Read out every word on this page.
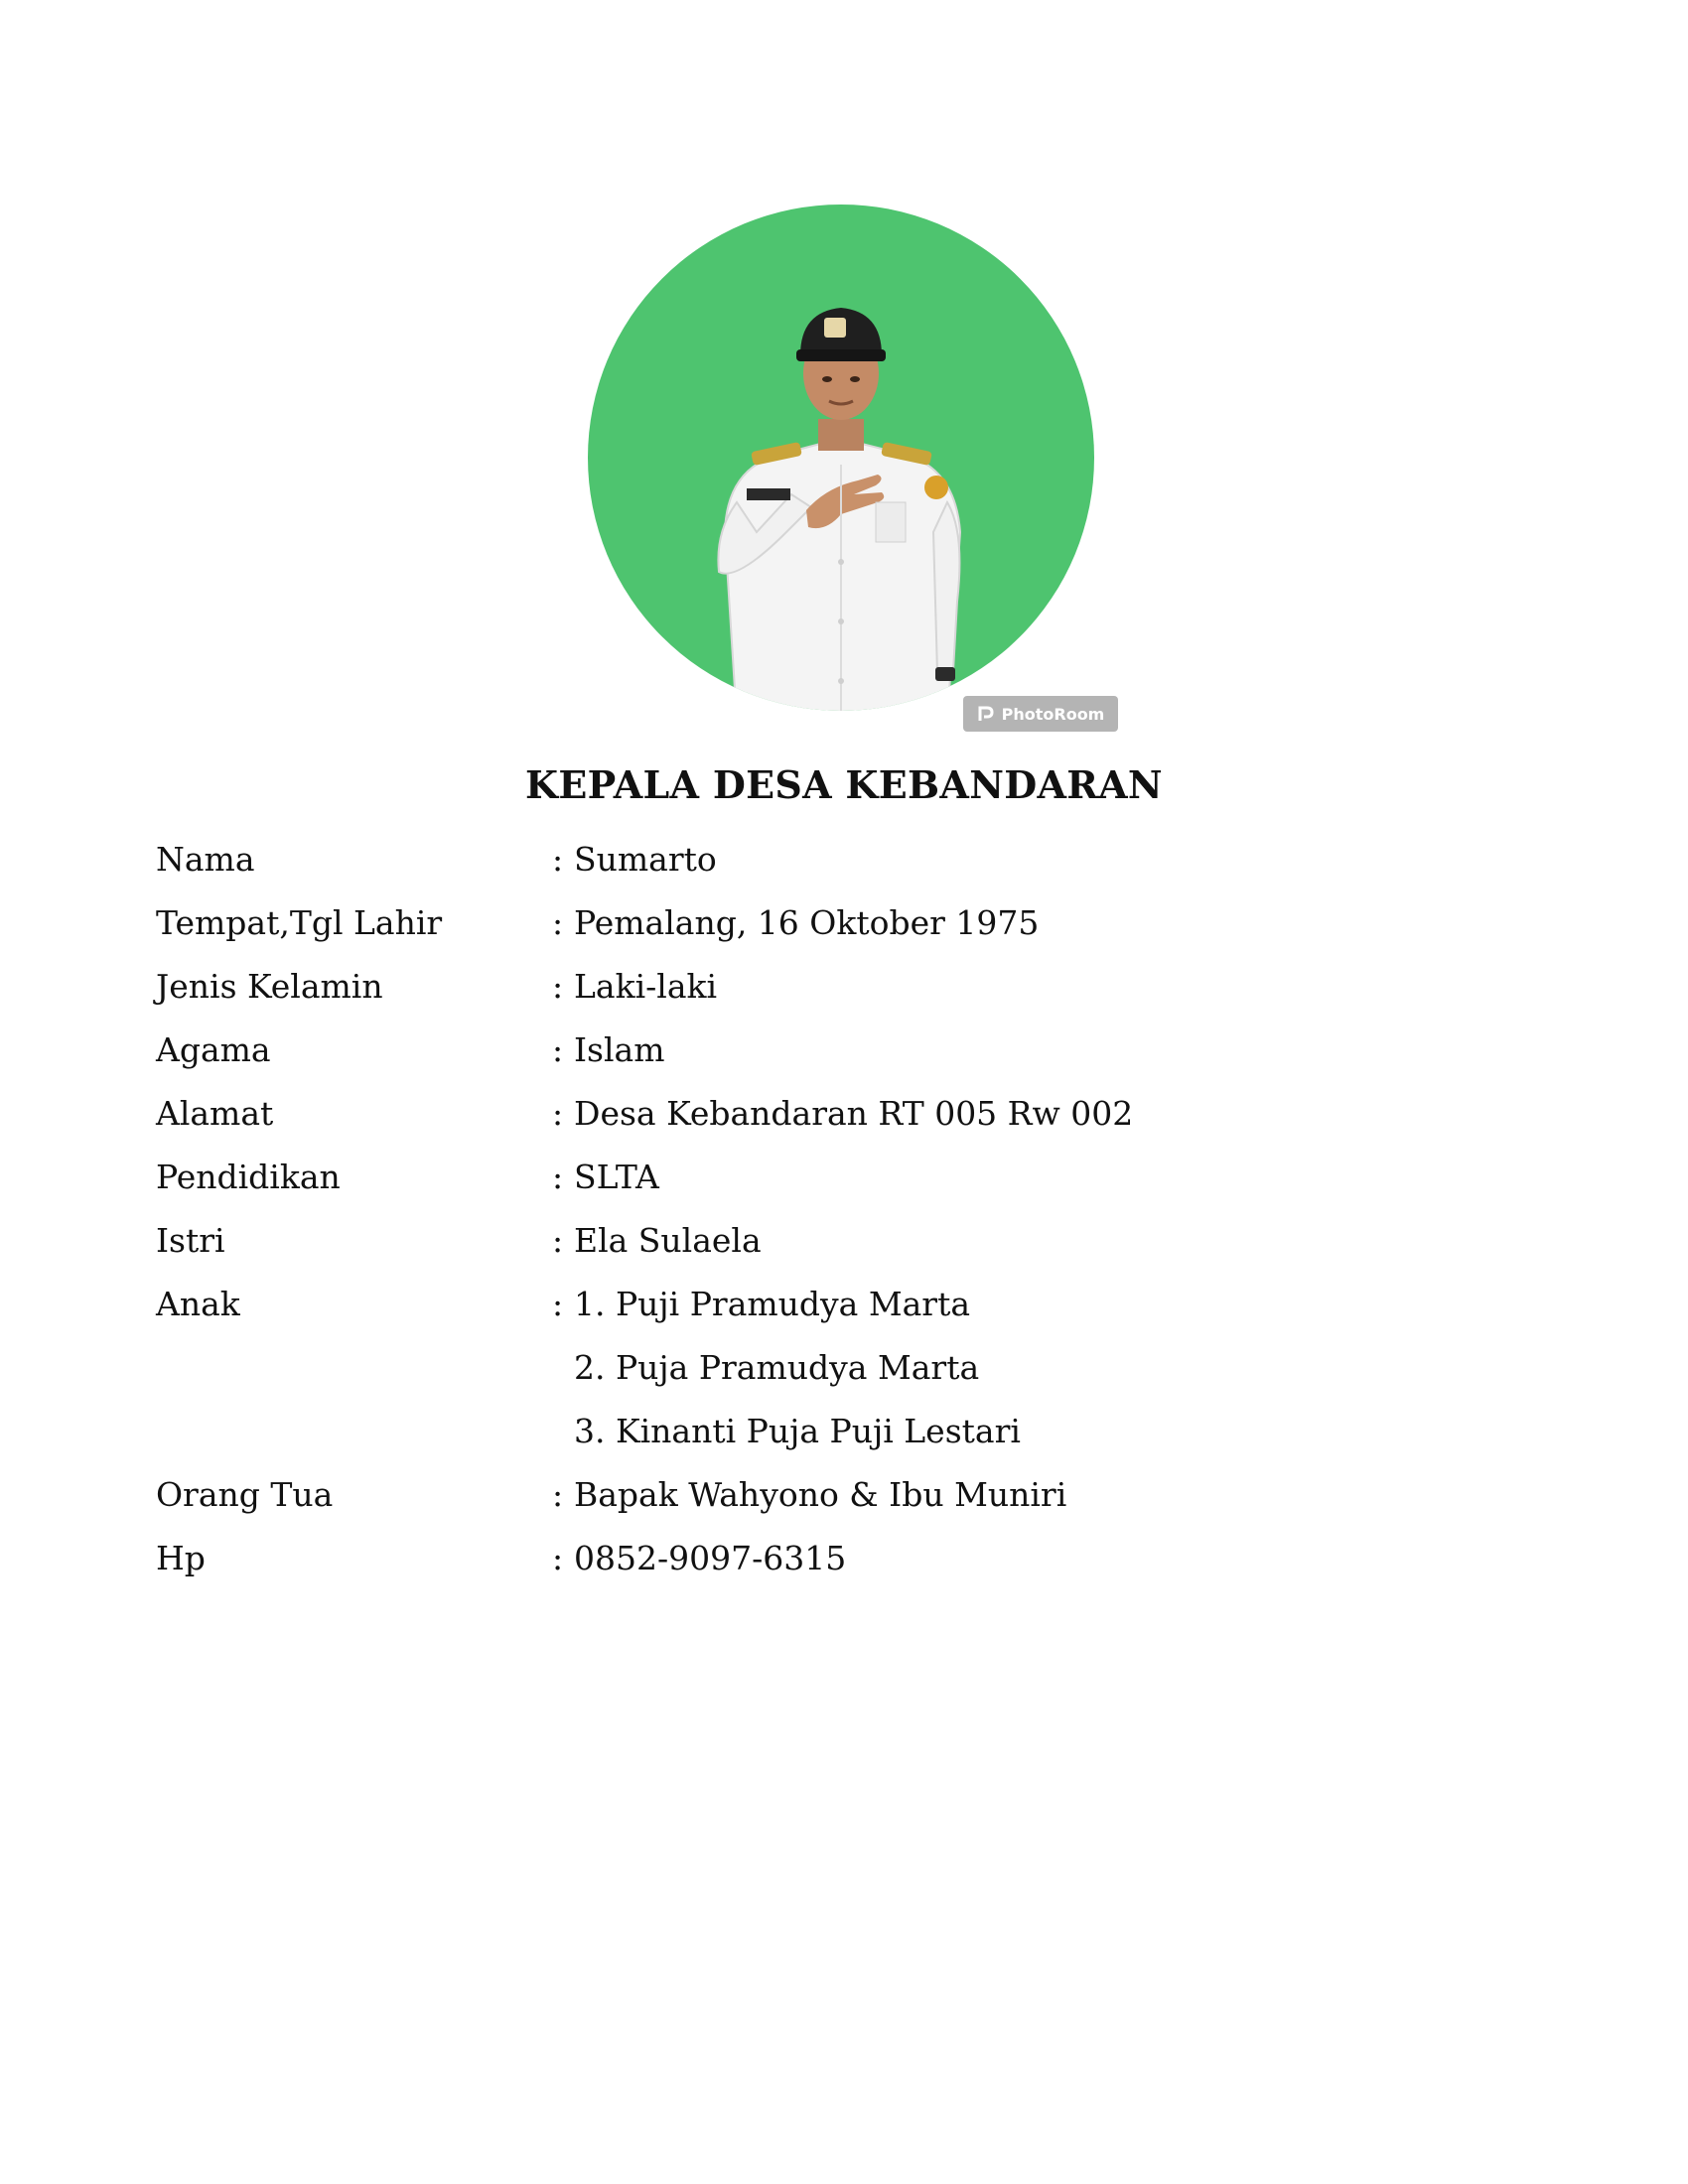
PhotoRoom
KEPALA DESA KEBANDARAN
Nama	: Sumarto
Tempat,Tgl Lahir	: Pemalang, 16 Oktober 1975
Jenis Kelamin	: Laki-laki
Agama	: Islam
Alamat	: Desa Kebandaran RT 005 Rw 002
Pendidikan	: SLTA
Istri	: Ela Sulaela
Anak	: 1. Puji Pramudya Marta
2. Puja Pramudya Marta
3. Kinanti Puja Puji Lestari
Orang Tua	: Bapak Wahyono & Ibu Muniri
Hp	: 0852-9097-6315
